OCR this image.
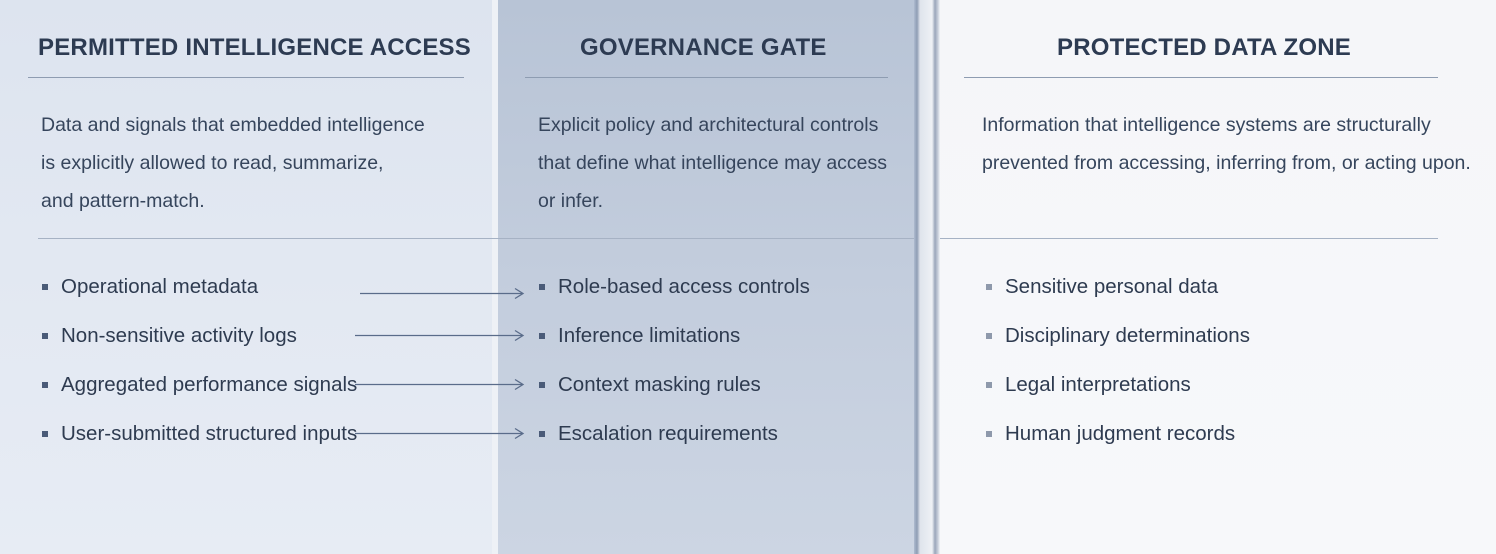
PERMITTED INTELLIGENCE ACCESS

Data and signals that embedded intelligence
is explicitly allowed to read, summarize,
and pattern-match.

Operational metadata
Non-sensitive activity logs
Aggregated performance signals
User-submitted structured inputs
GOVERNANCE GATE

Explicit policy and architectural controls
that define what intelligence may access
or infer.

Role-based access controls
Inference limitations
Context masking rules
Escalation requirements
PROTECTED DATA ZONE

Information that intelligence systems are structurally
prevented from accessing, inferring from, or acting upon.

Sensitive personal data
Disciplinary determinations
Legal interpretations
Human judgment records
